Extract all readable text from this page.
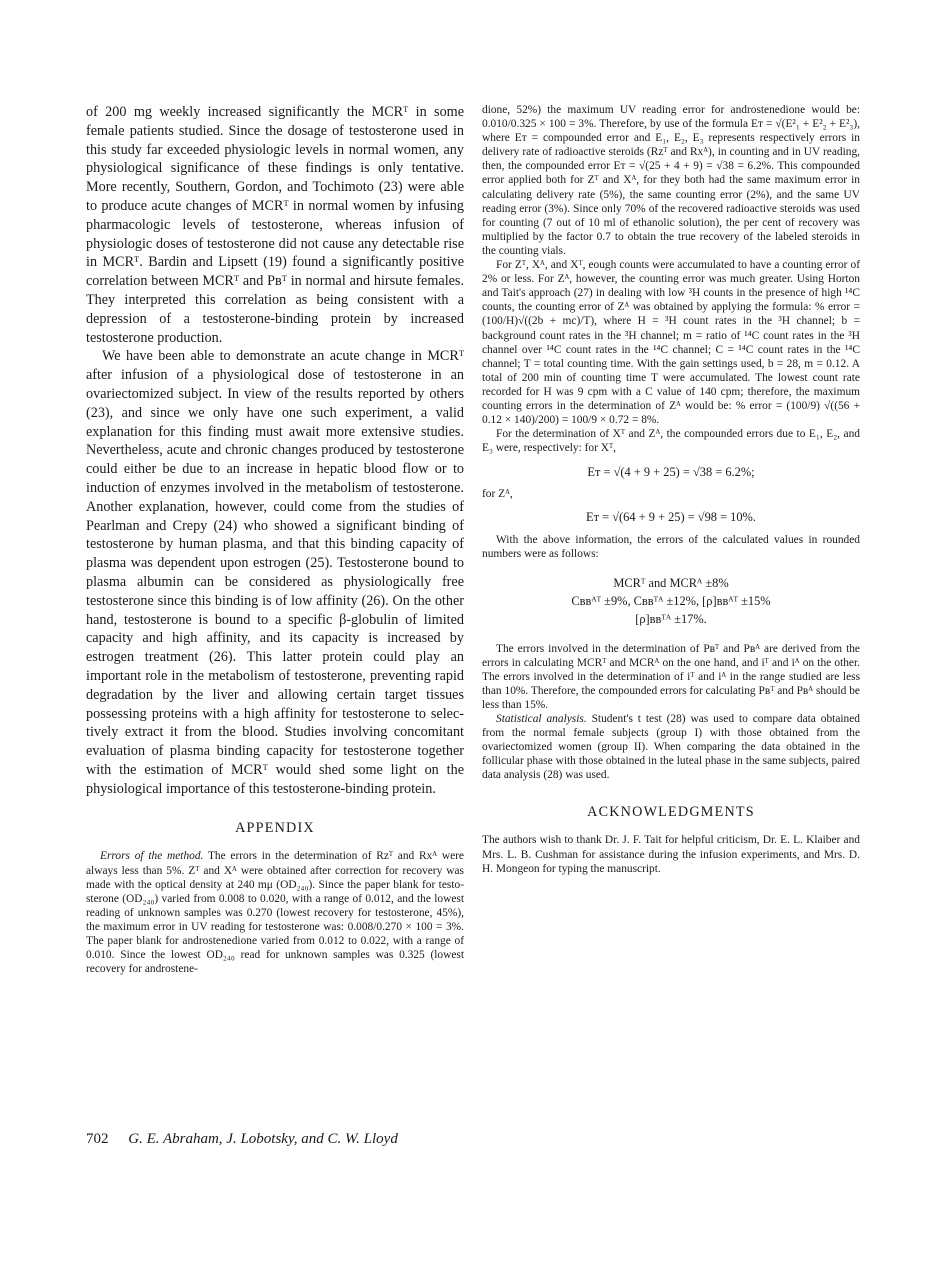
of 200 mg weekly increased significantly the MCRᵀ in some female patients studied. Since the dosage of testosterone used in this study far exceeded physiologic levels in normal women, any physiological significance of these findings is only tentative. More recently, Southern, Gordon, and Tochimoto (23) were able to produce acute changes of MCRᵀ in normal women by infusing pharmacologic levels of testosterone, whereas infusion of physiologic doses of testosterone did not cause any detectable rise in MCRᵀ. Bardin and Lipsett (19) found a significantly positive correlation between MCRᵀ and Pʙᵀ in normal and hirsute females. They interpreted this correlation as being consistent with a depression of a testosterone-binding protein by increased testosterone production.

We have been able to demonstrate an acute change in MCRᵀ after infusion of a physiological dose of testosterone in an ovariectomized subject. In view of the results reported by others (23), and since we only have one such experiment, a valid explanation for this finding must await more extensive studies. Nevertheless, acute and chronic changes produced by testosterone could either be due to an increase in hepatic blood flow or to induction of enzymes involved in the metabolism of testosterone. Another explanation, however, could come from the studies of Pearlman and Crepy (24) who showed a significant binding of testosterone by human plasma, and that this binding capacity of plasma was dependent upon estrogen (25). Testosterone bound to plasma albumin can be considered as physiologically free testosterone since this binding is of low affinity (26). On the other hand, testosterone is bound to a specific β-globulin of limited capacity and high affinity, and its capacity is increased by estrogen treatment (26). This latter protein could play an important role in the metabolism of testosterone, preventing rapid degradation by the liver and allowing certain target tissues possessing proteins with a high affinity for testosterone to selectively extract it from the blood. Studies involving concomitant evaluation of plasma binding capacity for testosterone together with the estimation of MCRᵀ would shed some light on the physiological importance of this testosterone-binding protein.

APPENDIX

Errors of the method. The errors in the determination of Rᴢᵀ and Rxᴬ were always less than 5%. Zᵀ and Xᴬ were obtained after correction for recovery was made with the optical density at 240 mμ (OD₂₄₀). Since the paper blank for testosterone (OD₂₄₀) varied from 0.008 to 0.020, with a range of 0.012, and the lowest reading of unknown samples was 0.270 (lowest recovery for testosterone, 45%), the maximum error in UV reading for testosterone was: 0.008/0.270 × 100 = 3%. The paper blank for androstenedione varied from 0.012 to 0.022, with a range of 0.010. Since the lowest OD₂₄₀ read for unknown samples was 0.325 (lowest recovery for androstene-

dione, 52%) the maximum UV reading error for androstenedione would be: 0.010/0.325 × 100 = 3%. Therefore, by use of the formula Eᴛ = √(E²₁ + E²₂ + E²₃), where Eᴛ = compounded error and E₁, E₂, E₃ represents respectively errors in delivery rate of radioactive steroids (Rᴢᵀ and Rxᴬ), in counting and in UV reading, then, the compounded error Eᴛ = √(25 + 4 + 9) = √38 = 6.2%. This compounded error applied both for Zᵀ and Xᴬ, for they both had the same maximum error in calculating delivery rate (5%), the same counting error (2%), and the same UV reading error (3%). Since only 70% of the recovered radioactive steroids was used for counting (7 out of 10 ml of ethanolic solution), the per cent of recovery was multiplied by the factor 0.7 to obtain the true recovery of the labeled steroids in the counting vials.

For Zᵀ, Xᴬ, and Xᵀ, eough counts were accumulated to have a counting error of 2% or less. For Zᴬ, however, the counting error was much greater. Using Horton and Tait's approach (27) in dealing with low ³H counts in the presence of high ¹⁴C counts, the counting error of Zᴬ was obtained by applying the formula: % error = (100/H)√((2b + mc)/T), where H = ³H count rates in the ³H channel; b = background count rates in the ³H channel; m = ratio of ¹⁴C count rates in the ³H channel over ¹⁴C count rates in the ¹⁴C channel; C = ¹⁴C count rates in the ¹⁴C channel; T = total counting time. With the gain settings used, b = 28, m = 0.12. A total of 200 min of counting time T were accumulated. The lowest count rate recorded for H was 9 cpm with a C value of 140 cpm; therefore, the maximum counting errors in the determination of Zᴬ would be: % error = (100/9) √((56 + 0.12 × 140)/200) = 100/9 × 0.72 = 8%.

For the determination of Xᵀ and Zᴬ, the compounded errors due to E₁, E₂, and E₃ were, respectively: for Xᵀ,

Eᴛ = √(4 + 9 + 25) = √38 = 6.2%;
for Zᴬ,
Eᴛ = √(64 + 9 + 25) = √98 = 10%.

With the above information, the errors of the calculated values in rounded numbers were as follows:

MCRᵀ and MCRᴬ ±8%
Cʙʙᴬᵀ ±9%, Cʙʙᵀᴬ ±12%, [ρ]ʙʙᴬᵀ ±15%
[ρ]ʙʙᵀᴬ ±17%.

The errors involved in the determination of Pʙᵀ and Pʙᴬ are derived from the errors in calculating MCRᵀ and MCRᴬ on the one hand, and iᵀ and iᴬ on the other. The errors involved in the determination of iᵀ and iᴬ in the range studied are less than 10%. Therefore, the compounded errors for calculating Pʙᵀ and Pʙᴬ should be less than 15%.

Statistical analysis. Student's t test (28) was used to compare data obtained from the normal female subjects (group I) with those obtained from the ovariectomized women (group II). When comparing the data obtained in the follicular phase with those obtained in the luteal phase in the same subjects, paired data analysis (28) was used.

ACKNOWLEDGMENTS

The authors wish to thank Dr. J. F. Tait for helpful criticism, Dr. E. L. Klaiber and Mrs. L. B. Cushman for assistance during the infusion experiments, and Mrs. D. H. Mongeon for typing the manuscript.

702 G. E. Abraham, J. Lobotsky, and C. W. Lloyd
